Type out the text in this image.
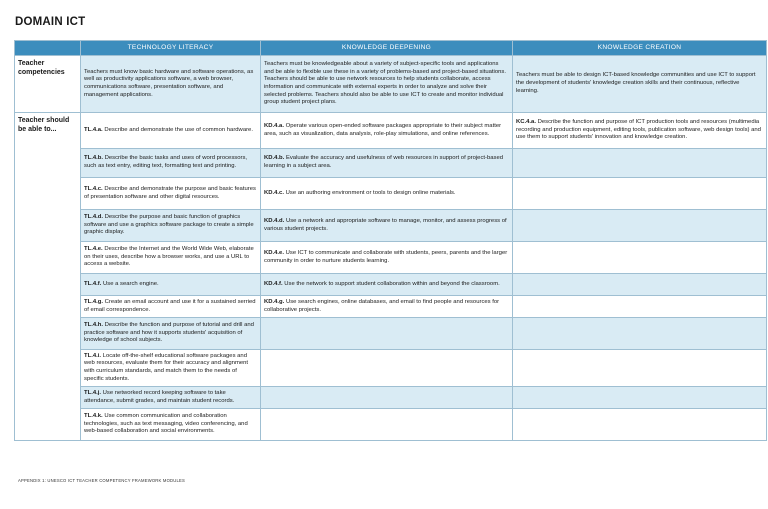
DOMAIN ICT
	TECHNOLOGY LITERACY	KNOWLEDGE DEEPENING	KNOWLEDGE CREATION
Teacher competencies	Teachers must know basic hardware and software operations, as well as productivity applications software, a web browser, communications software, presentation software, and management applications.	Teachers must be knowledgeable about a variety of subject-specific tools and applications and be able to flexible use these in a variety of problems-based and project-based situations. Teachers should be able to use network resources to help students collaborate, access information and communicate with external experts in order to analyze and solve their selected problems. Teachers should also be able to use ICT to create and monitor individual group student project plans.	Teachers must be able to design ICT-based knowledge communities and use ICT to support the development of students' knowledge creation skills and their continuous, reflective learning.
Teacher should be able to...	TL.4.a. Describe and demonstrate the use of common hardware.	KD.4.a. Operate various open-ended software packages appropriate to their subject matter area, such as visualization, data analysis, role-play simulations, and online references.	KC.4.a. Describe the function and purpose of ICT production tools and resources (multimedia recording and production equipment, editing tools, publication software, web design tools) and use them to support students' innovation and knowledge creation.
	TL.4.b. Describe the basic tasks and uses of word processors, such as text entry, editing text, formatting text and printing.	KD.4.b. Evaluate the accuracy and usefulness of web resources in support of project-based learning in a subject area.	
	TL.4.c. Describe and demonstrate the purpose and basic features of presentation software and other digital resources.	KD.4.c. Use an authoring environment or tools to design online materials.	
	TL.4.d. Describe the purpose and basic function of graphics software and use a graphics software package to create a simple graphic display.	KD.4.d. Use a network and appropriate software to manage, monitor, and assess progress of various student projects.	
	TL.4.e. Describe the Internet and the World Wide Web, elaborate on their uses, describe how a browser works, and use a URL to access a website.	KD.4.e. Use ICT to communicate and collaborate with students, peers, parents and the larger community in order to nurture students learning.	
	TL.4.f. Use a search engine.	KD.4.f. Use the network to support student collaboration within and beyond the classroom.	
	TL.4.g. Create an email account and use it for a sustained serried of email correspondence.	KD.4.g. Use search engines, online databases, and email to find people and resources for collaborative projects.	
	TL.4.h. Describe the function and purpose of tutorial and drill and practice software and how it supports students' acquisition of knowledge of school subjects.		
	TL.4.i. Locate off-the-shelf educational software packages and web resources, evaluate them for their accuracy and alignment with curriculum standards, and match them to the needs of specific students.		
	TL.4.j. Use networked record keeping software to take attendance, submit grades, and maintain student records.		
	TL.4.k. Use common communication and collaboration technologies, such as text messaging, video conferencing, and web-based collaboration and social environments.		
APPENDIX 1: UNESCO ICT TEACHER COMPETENCY FRAMEWORK MODULES
